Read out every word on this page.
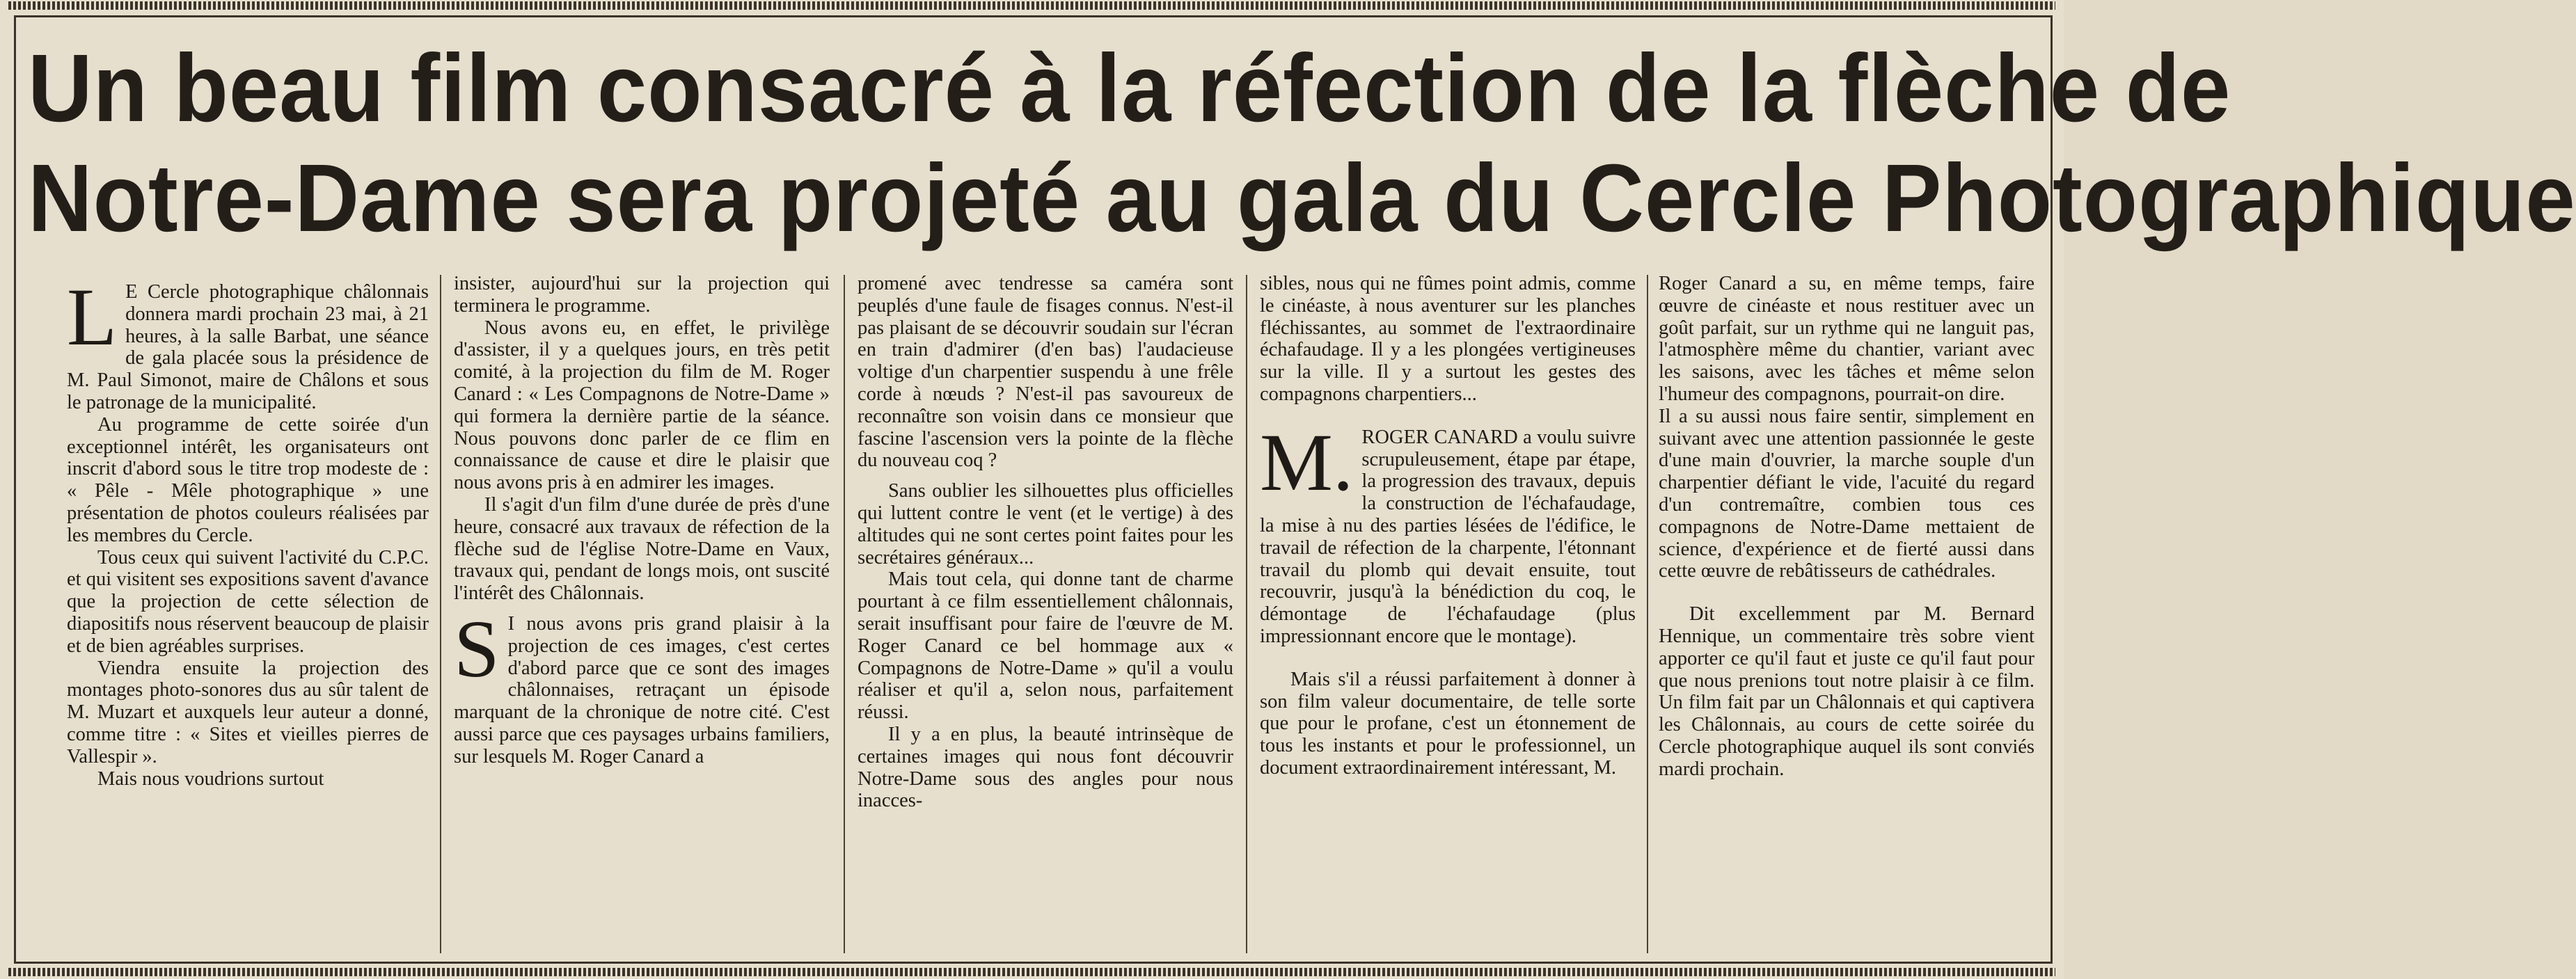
Un beau film consacré à la réfection de la flèche de
Notre-Dame sera projeté au gala du Cercle Photographique

L E Cercle photographique châlonnais donnera mardi prochain 23 mai, à 21 heures, à la salle Barbat, une séance de gala placée sous la présidence de M. Paul Simonot, maire de Châlons et sous le patronage de la municipalité.

Au programme de cette soirée d'un exceptionnel intérêt, les organisateurs ont inscrit d'abord sous le titre trop modeste de : « Pêle - Mêle photographique » une présentation de photos couleurs réalisées par les membres du Cercle.

Tous ceux qui suivent l'activité du C.P.C. et qui visitent ses expositions savent d'avance que la projection de cette sélection de diapositifs nous réservent beaucoup de plaisir et de bien agréables surprises.

Viendra ensuite la projection des montages photo-sonores dus au sûr talent de M. Muzart et auxquels leur auteur a donné, comme titre : « Sites et vieilles pierres de Vallespir ».

Mais nous voudrions surtout

insister, aujourd'hui sur la projection qui terminera le programme.

Nous avons eu, en effet, le privilège d'assister, il y a quelques jours, en très petit comité, à la projection du film de M. Roger Canard : « Les Compagnons de Notre-Dame » qui formera la dernière partie de la séance. Nous pouvons donc parler de ce flim en connaissance de cause et dire le plaisir que nous avons pris à en admirer les images.

Il s'agit d'un film d'une durée de près d'une heure, consacré aux travaux de réfection de la flèche sud de l'église Notre-Dame en Vaux, travaux qui, pendant de longs mois, ont suscité l'intérêt des Châlonnais.

S I nous avons pris grand plaisir à la projection de ces images, c'est certes d'abord parce que ce sont des images châlonnaises, retraçant un épisode marquant de la chronique de notre cité. C'est aussi parce que ces paysages urbains familiers, sur lesquels M. Roger Canard a

promené avec tendresse sa caméra sont peuplés d'une faule de fisages connus. N'est-il pas plaisant de se découvrir soudain sur l'écran en train d'admirer (d'en bas) l'audacieuse voltige d'un charpentier suspendu à une frêle corde à nœuds ? N'est-il pas savoureux de reconnaître son voisin dans ce monsieur que fascine l'ascension vers la pointe de la flèche du nouveau coq ?

Sans oublier les silhouettes plus officielles qui luttent contre le vent (et le vertige) à des altitudes qui ne sont certes point faites pour les secrétaires généraux...

Mais tout cela, qui donne tant de charme pourtant à ce film essentiellement châlonnais, serait insuffisant pour faire de l'œuvre de M. Roger Canard ce bel hommage aux « Compagnons de Notre-Dame » qu'il a voulu réaliser et qu'il a, selon nous, parfaitement réussi.

Il y a en plus, la beauté intrinsèque de certaines images qui nous font découvrir Notre-Dame sous des angles pour nous inacces-

sibles, nous qui ne fûmes point admis, comme le cinéaste, à nous aventurer sur les planches fléchissantes, au sommet de l'extraordinaire échafaudage. Il y a les plongées vertigineuses sur la ville. Il y a surtout les gestes des compagnons charpentiers...

M. ROGER CANARD a voulu suivre scrupuleusement, étape par étape, la progression des travaux, depuis la construction de l'échafaudage, la mise à nu des parties lésées de l'édifice, le travail de réfection de la charpente, l'étonnant travail du plomb qui devait ensuite, tout recouvrir, jusqu'à la bénédiction du coq, le démontage de l'échafaudage (plus impressionnant encore que le montage).

Mais s'il a réussi parfaitement à donner à son film valeur documentaire, de telle sorte que pour le profane, c'est un étonnement de tous les instants et pour le professionnel, un document extraordinairement intéressant, M.

Roger Canard a su, en même temps, faire œuvre de cinéaste et nous restituer avec un goût parfait, sur un rythme qui ne languit pas, l'atmosphère même du chantier, variant avec les saisons, avec les tâches et même selon l'humeur des compagnons, pourrait-on dire.

Il a su aussi nous faire sentir, simplement en suivant avec une attention passionnée le geste d'une main d'ouvrier, la marche souple d'un charpentier défiant le vide, l'acuité du regard d'un contremaître, combien tous ces compagnons de Notre-Dame mettaient de science, d'expérience et de fierté aussi dans cette œuvre de rebâtisseurs de cathédrales.

Dit excellemment par M. Bernard Hennique, un commentaire très sobre vient apporter ce qu'il faut et juste ce qu'il faut pour que nous prenions tout notre plaisir à ce film. Un film fait par un Châlonnais et qui captivera les Châlonnais, au cours de cette soirée du Cercle photographique auquel ils sont conviés mardi prochain.
